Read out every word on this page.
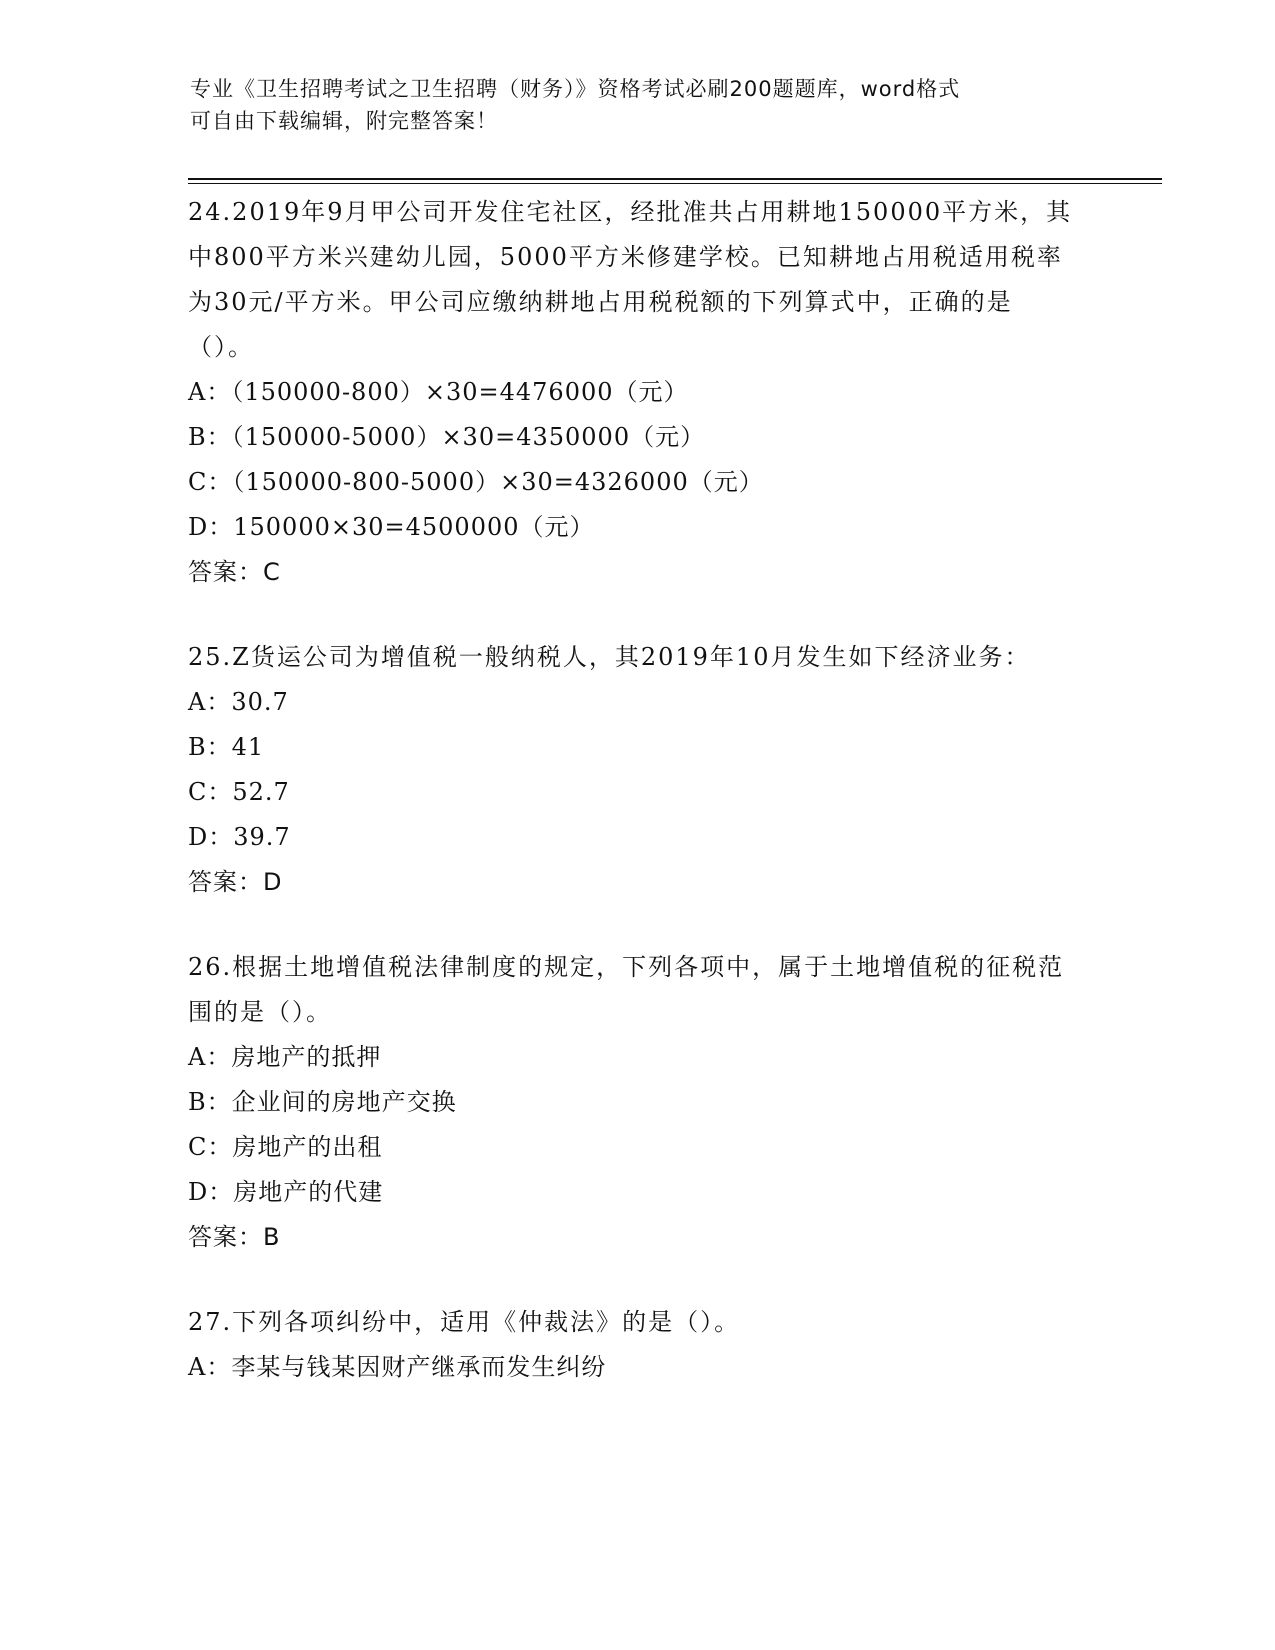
专业《卫生招聘考试之卫生招聘（财务）》资格考试必刷200题题库，word格式
可自由下载编辑，附完整答案！
24.2019年9月甲公司开发住宅社区，经批准共占用耕地150000平方米，其中800平方米兴建幼儿园，5000平方米修建学校。已知耕地占用税适用税率为30元/平方米。甲公司应缴纳耕地占用税税额的下列算式中，正确的是（）。
A：（150000-800）×30=4476000（元）
B：（150000-5000）×30=4350000（元）
C：（150000-800-5000）×30=4326000（元）
D：150000×30=4500000（元）
答案：C
25.Z货运公司为增值税一般纳税人，其2019年10月发生如下经济业务：
A：30.7
B：41
C：52.7
D：39.7
答案：D
26.根据土地增值税法律制度的规定，下列各项中，属于土地增值税的征税范围的是（）。
A：房地产的抵押
B：企业间的房地产交换
C：房地产的出租
D：房地产的代建
答案：B
27.下列各项纠纷中，适用《仲裁法》的是（）。
A：李某与钱某因财产继承而发生纠纷
